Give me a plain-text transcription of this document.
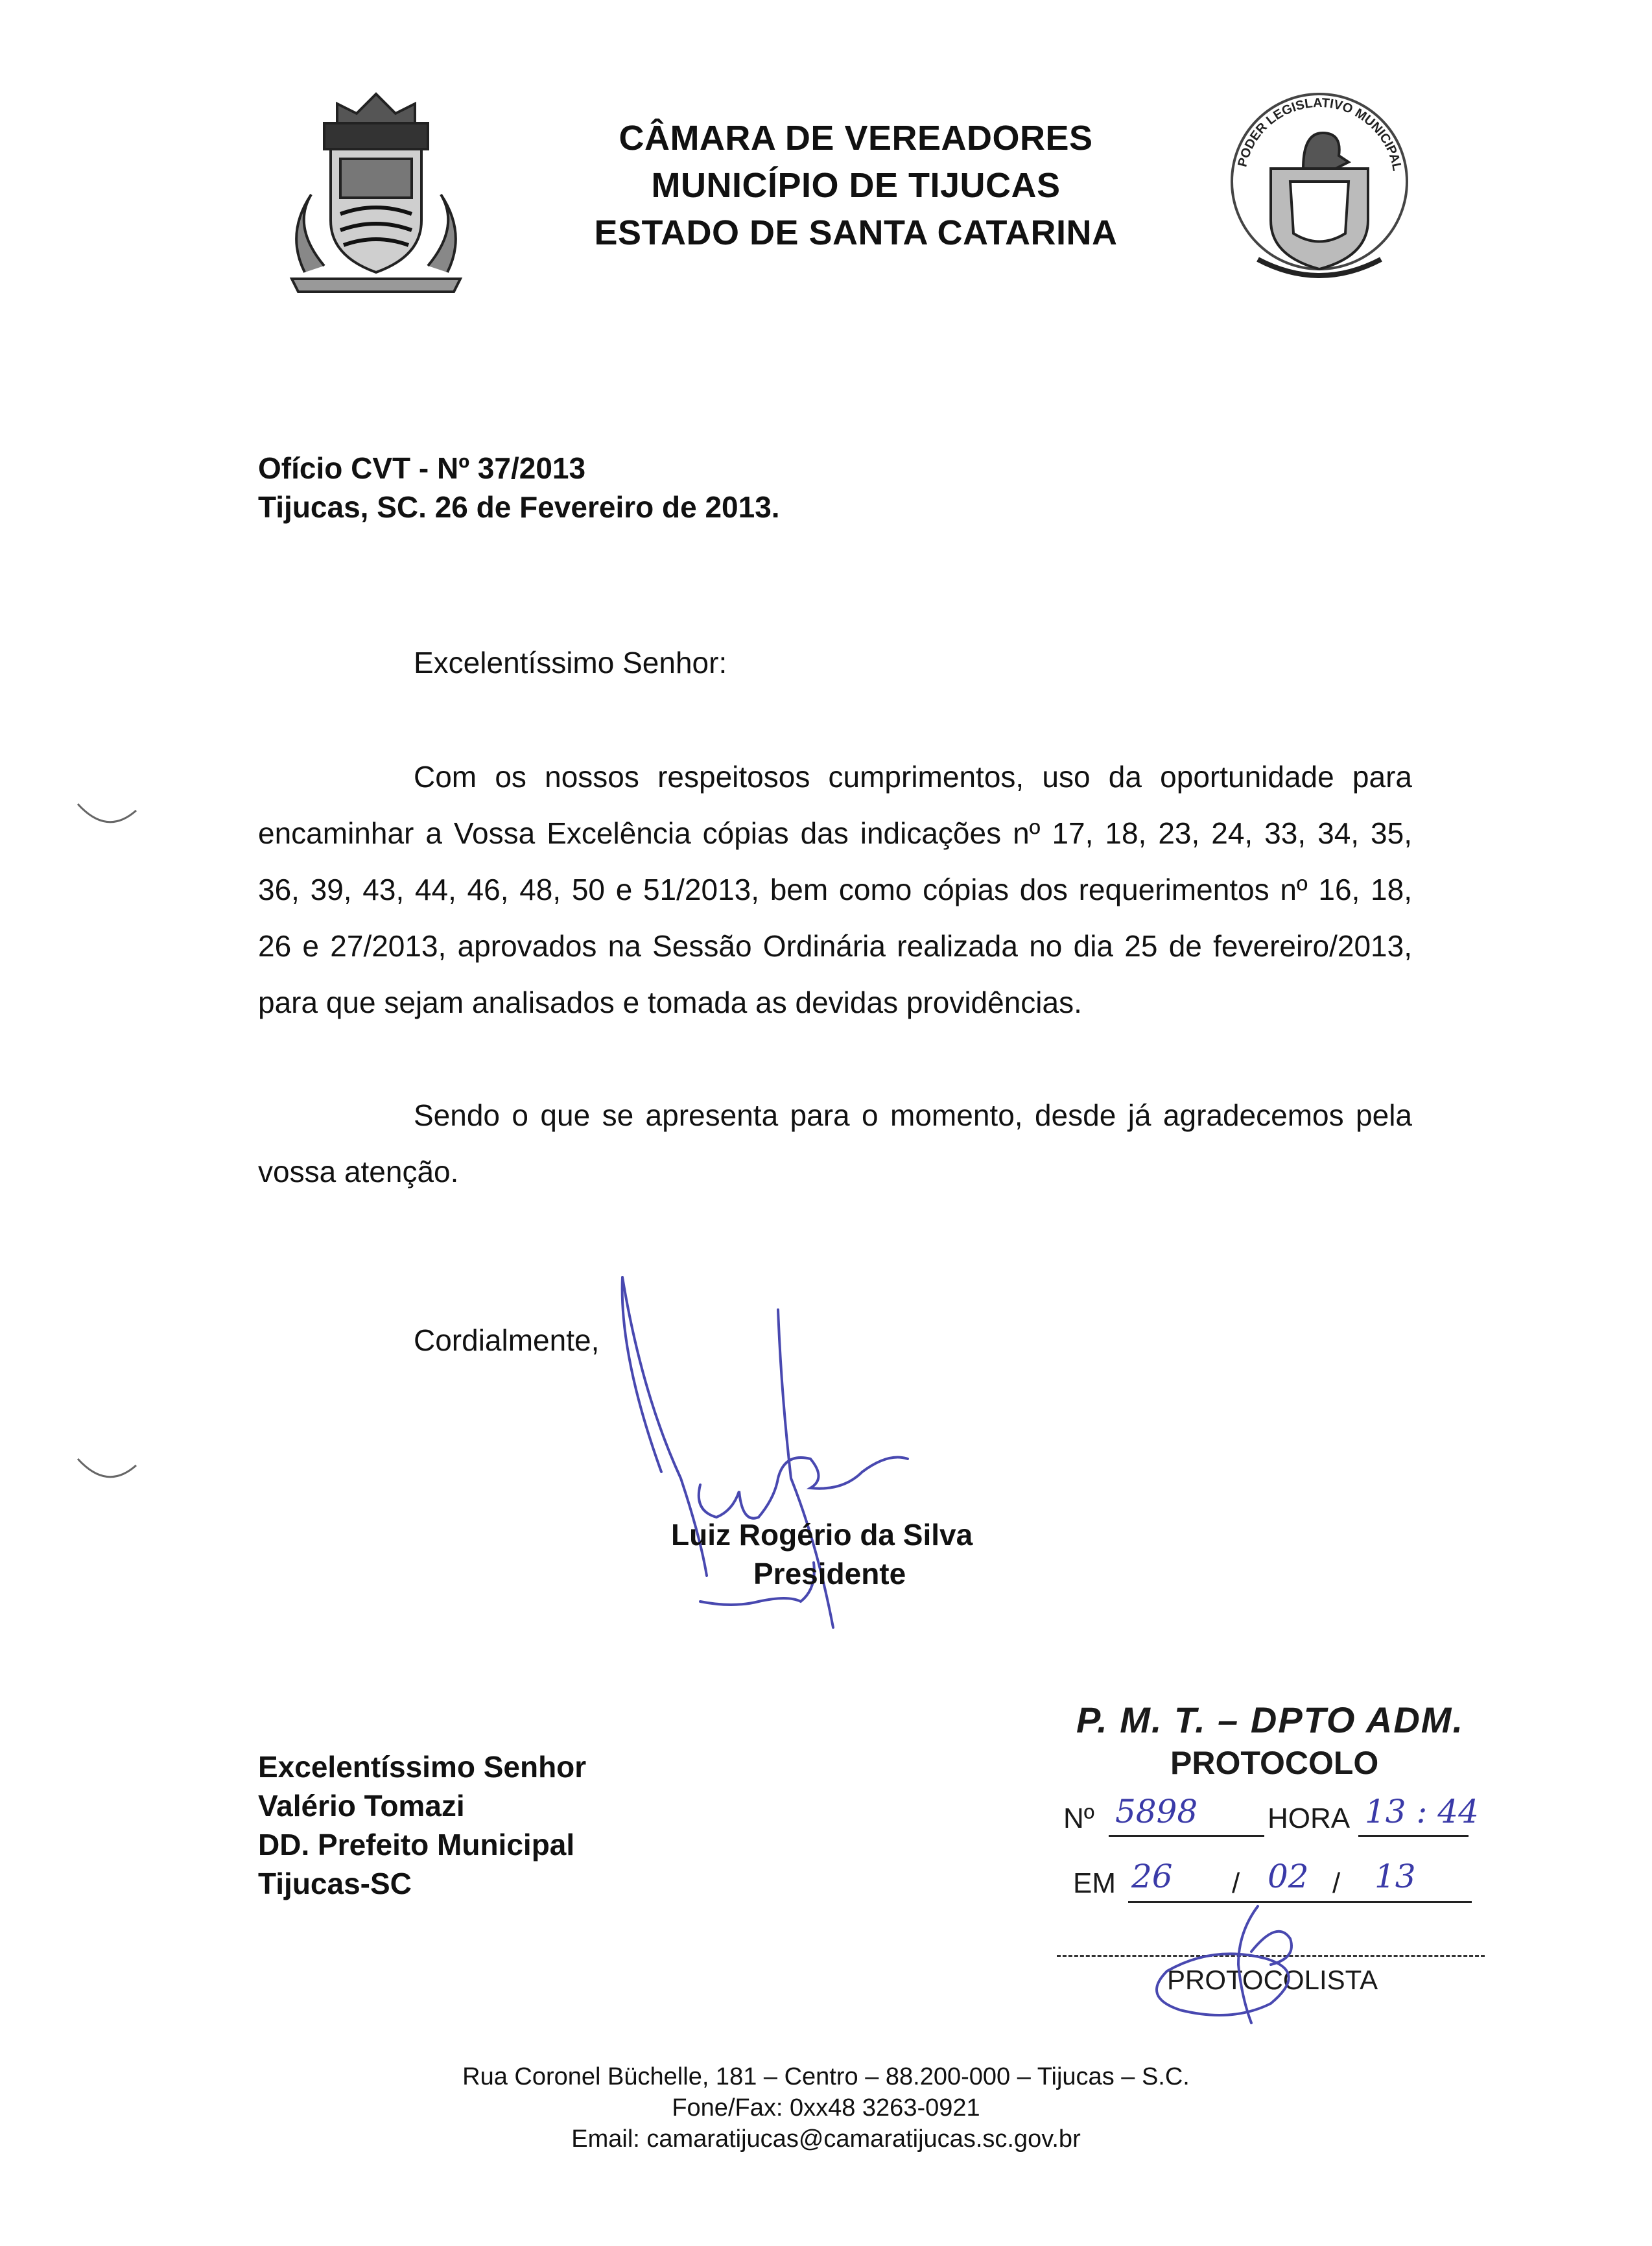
CÂMARA DE VEREADORES
MUNICÍPIO DE TIJUCAS
ESTADO DE SANTA CATARINA
PODER LEGISLATIVO MUNICIPAL
Ofício CVT - Nº 37/2013
Tijucas, SC. 26 de Fevereiro de 2013.
Excelentíssimo Senhor:
Com os nossos respeitosos cumprimentos, uso da oportunidade para encaminhar a Vossa Excelência cópias das indicações nº 17, 18, 23, 24, 33, 34, 35, 36, 39, 43, 44, 46, 48, 50 e 51/2013, bem como cópias dos requerimentos nº 16, 18, 26 e 27/2013, aprovados na Sessão Ordinária realizada no dia 25 de fevereiro/2013, para que sejam analisados e tomada as devidas providências.
Sendo o que se apresenta para o momento, desde já agradecemos pela vossa atenção.
Cordialmente,
Luiz Rogério da Silva
Presidente
Excelentíssimo Senhor
Valério Tomazi
DD. Prefeito Municipal
Tijucas-SC
P. M. T. – DPTO ADM.
PROTOCOLO
Nº 5898 HORA 13 : 44
EM 26 / 02 / 13
PROTOCOLISTA
Rua Coronel Büchelle, 181 – Centro – 88.200-000 – Tijucas – S.C.
Fone/Fax: 0xx48 3263-0921
Email: camaratijucas@camaratijucas.sc.gov.br
